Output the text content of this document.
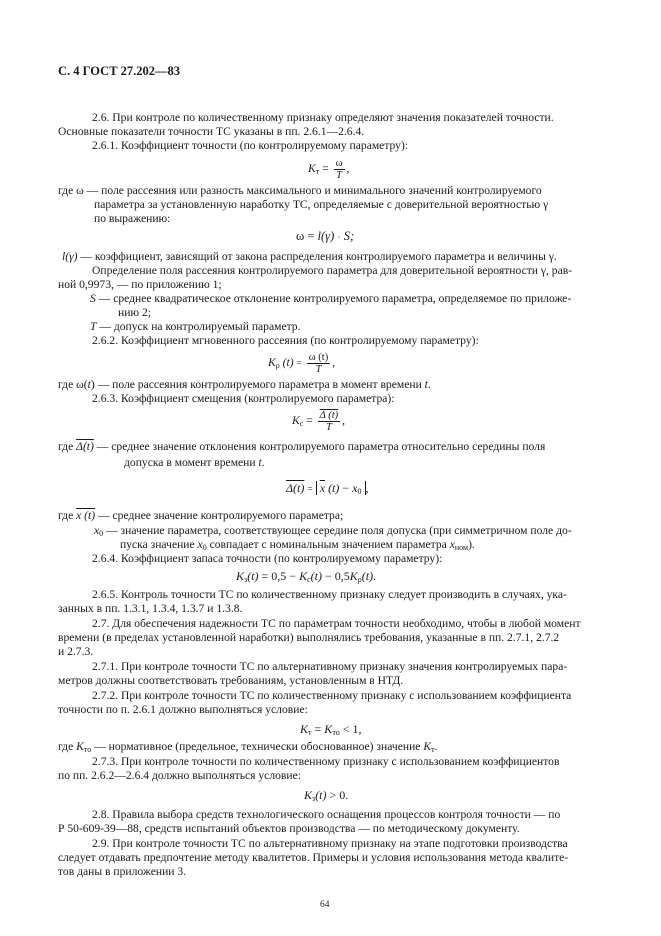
С. 4 ГОСТ 27.202—83
2.6. При контроле по количественному признаку определяют значения показателей точности.
Основные показатели точности ТС указаны в пп. 2.6.1—2.6.4.
2.6.1. Коэффициент точности (по контролируемому параметру):
$K_т = \frac{\omega}{T}$ ,
где ω — поле рассеяния или разность максимального и минимального значений контролируемого
параметра за установленную наработку ТС, определяемые с доверительной вероятностью γ
по выражению:
ω = l(γ) · S;
l(γ) — коэффициент, зависящий от закона распределения контролируемого параметра и величины γ.
Определение поля рассеяния контролируемого параметра для доверительной вероятности γ, рав-
ной 0,9973, — по приложению 1;
S — среднее квадратическое отклонение контролируемого параметра, определяемое по приложе-
нию 2;
T — допуск на контролируемый параметр.
2.6.2. Коэффициент мгновенного рассеяния (по контролируемому параметру):
$K_\rho$ $(t) = \frac{\omega (t)}{T}$ ,
где ω(t) — поле рассеяния контролируемого параметра в момент времени t.
2.6.3. Коэффициент смещения (контролируемого параметра):
$K_с = \frac{\Delta (t)}{T}$ ,
где Δ(t) — среднее значение отклонения контролируемого параметра относительно середины поля
допуска в момент времени t.
$\Delta(t) = \overline{x}$ $(t) - x_0$ ,
где x (t) — среднее значение контролируемого параметра;
$x_0$ — значение параметра, соответствующее середине поля допуска (при симметричном поле до-
пуска значение $x_0$ совпадает с номинальным значением параметра $x_{ном}$).
2.6.4. Коэффициент запаса точности (по контролируемому параметру):
$K_з(t) = 0,5 - K_с(t) - 0,5K_\rho(t)$.
2.6.5. Контроль точности ТС по количественному признаку следует производить в случаях, ука-
занных в пп. 1.3.1, 1.3.4, 1.3.7 и 1.3.8.
2.7. Для обеспечения надежности ТС по параметрам точности необходимо, чтобы в любой момент
времени (в пределах установленной наработки) выполнялись требования, указанные в пп. 2.7.1, 2.7.2
и 2.7.3.
2.7.1. При контроле точности ТС по альтернативному признаку значения контролируемых пара-
метров должны соответствовать требованиям, установленным в НТД.
2.7.2. При контроле точности ТС по количественному признаку с использованием коэффициента
точности по п. 2.6.1 должно выполняться условие:
$K_т = K_{то} < 1$,
где $K_{то}$ — нормативное (предельное, технически обоснованное) значение $K_т$.
2.7.3. При контроле точности по количественному признаку с использованием коэффициентов
по пп. 2.6.2—2.6.4 должно выполняться условие:
$K_з(t) > 0$.
2.8. Правила выбора средств технологического оснащения процессов контроля точности — по
Р 50-609-39—88, средств испытаний объектов производства — по методическому документу.
2.9. При контроле точности ТС по альтернативному признаку на этапе подготовки производства
следует отдавать предпочтение методу квалитетов. Примеры и условия использования метода квалите-
тов даны в приложении 3.
64
